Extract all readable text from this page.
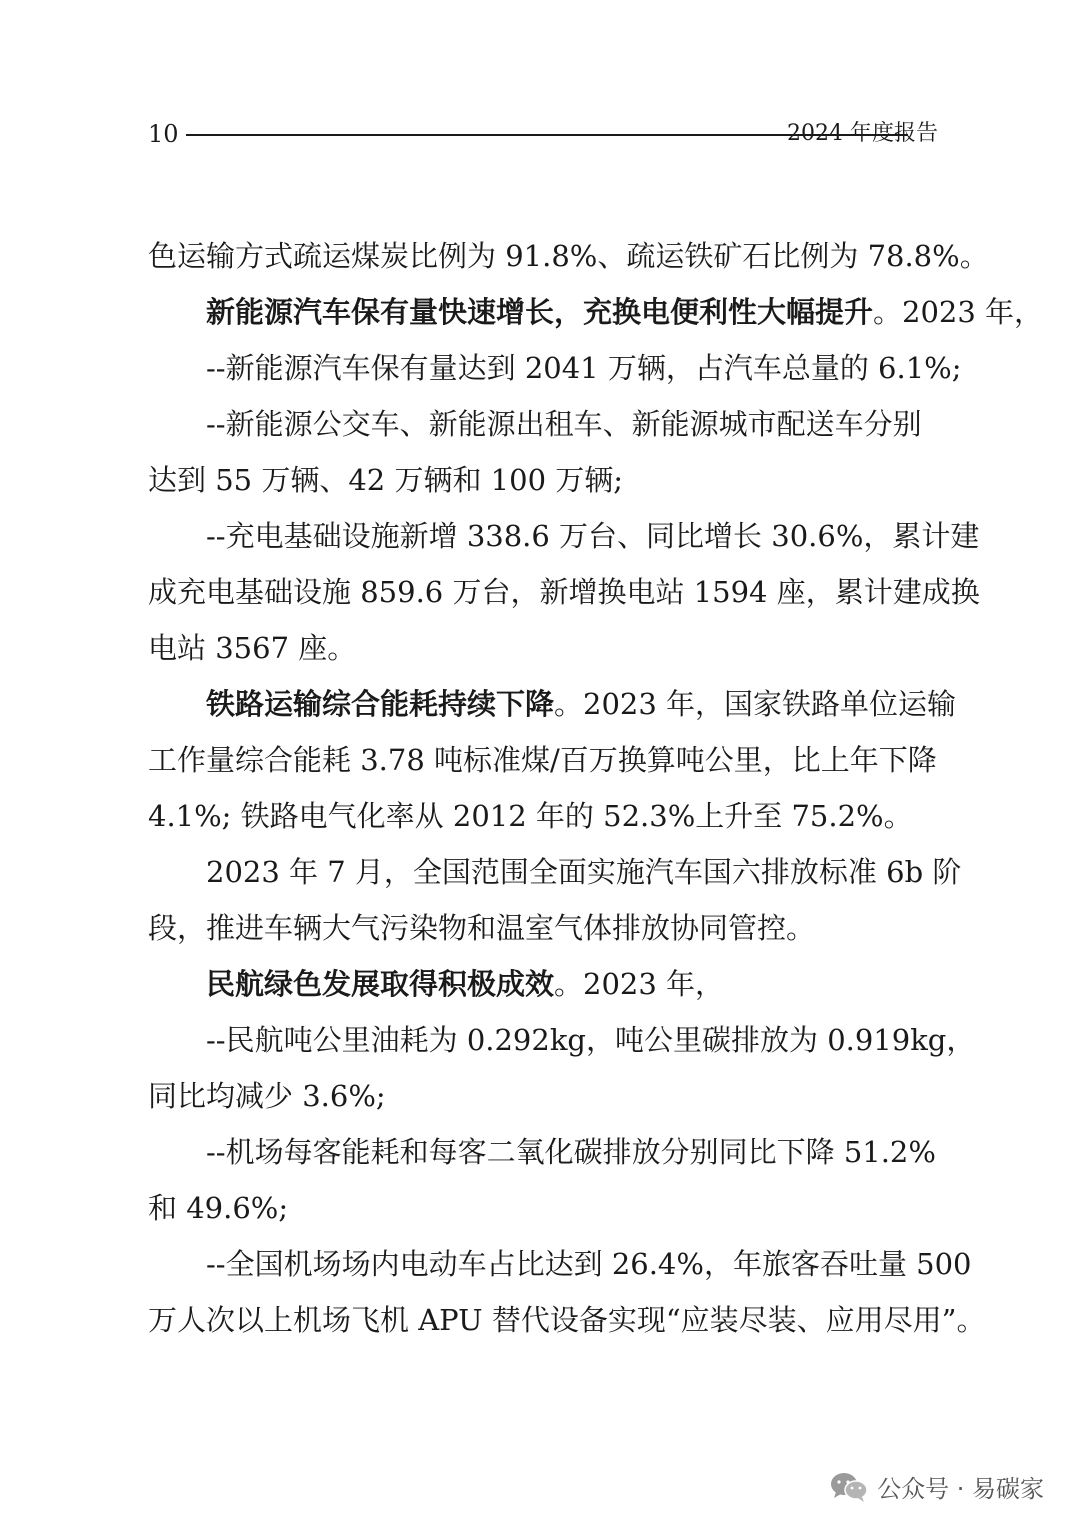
10	2024 年度报告
色运输方式疏运煤炭比例为 91.8%、疏运铁矿石比例为 78.8%。
新能源汽车保有量快速增长，充换电便利性大幅提升。2023 年，
--新能源汽车保有量达到 2041 万辆，占汽车总量的 6.1%;
--新能源公交车、新能源出租车、新能源城市配送车分别
达到 55 万辆、42 万辆和 100 万辆;
--充电基础设施新增 338.6 万台、同比增长 30.6%，累计建
成充电基础设施 859.6 万台，新增换电站 1594 座，累计建成换
电站 3567 座。
铁路运输综合能耗持续下降。2023 年，国家铁路单位运输
工作量综合能耗 3.78 吨标准煤/百万换算吨公里，比上年下降
4.1%; 铁路电气化率从 2012 年的 52.3%上升至 75.2%。
2023 年 7 月，全国范围全面实施汽车国六排放标准 6b 阶
段，推进车辆大气污染物和温室气体排放协同管控。
民航绿色发展取得积极成效。2023 年，
--民航吨公里油耗为 0.292kg，吨公里碳排放为 0.919kg，
同比均减少 3.6%;
--机场每客能耗和每客二氧化碳排放分别同比下降 51.2%
和 49.6%;
--全国机场场内电动车占比达到 26.4%，年旅客吞吐量 500
万人次以上机场飞机 APU 替代设备实现“应装尽装、应用尽用”。
公众号 · 易碳家
